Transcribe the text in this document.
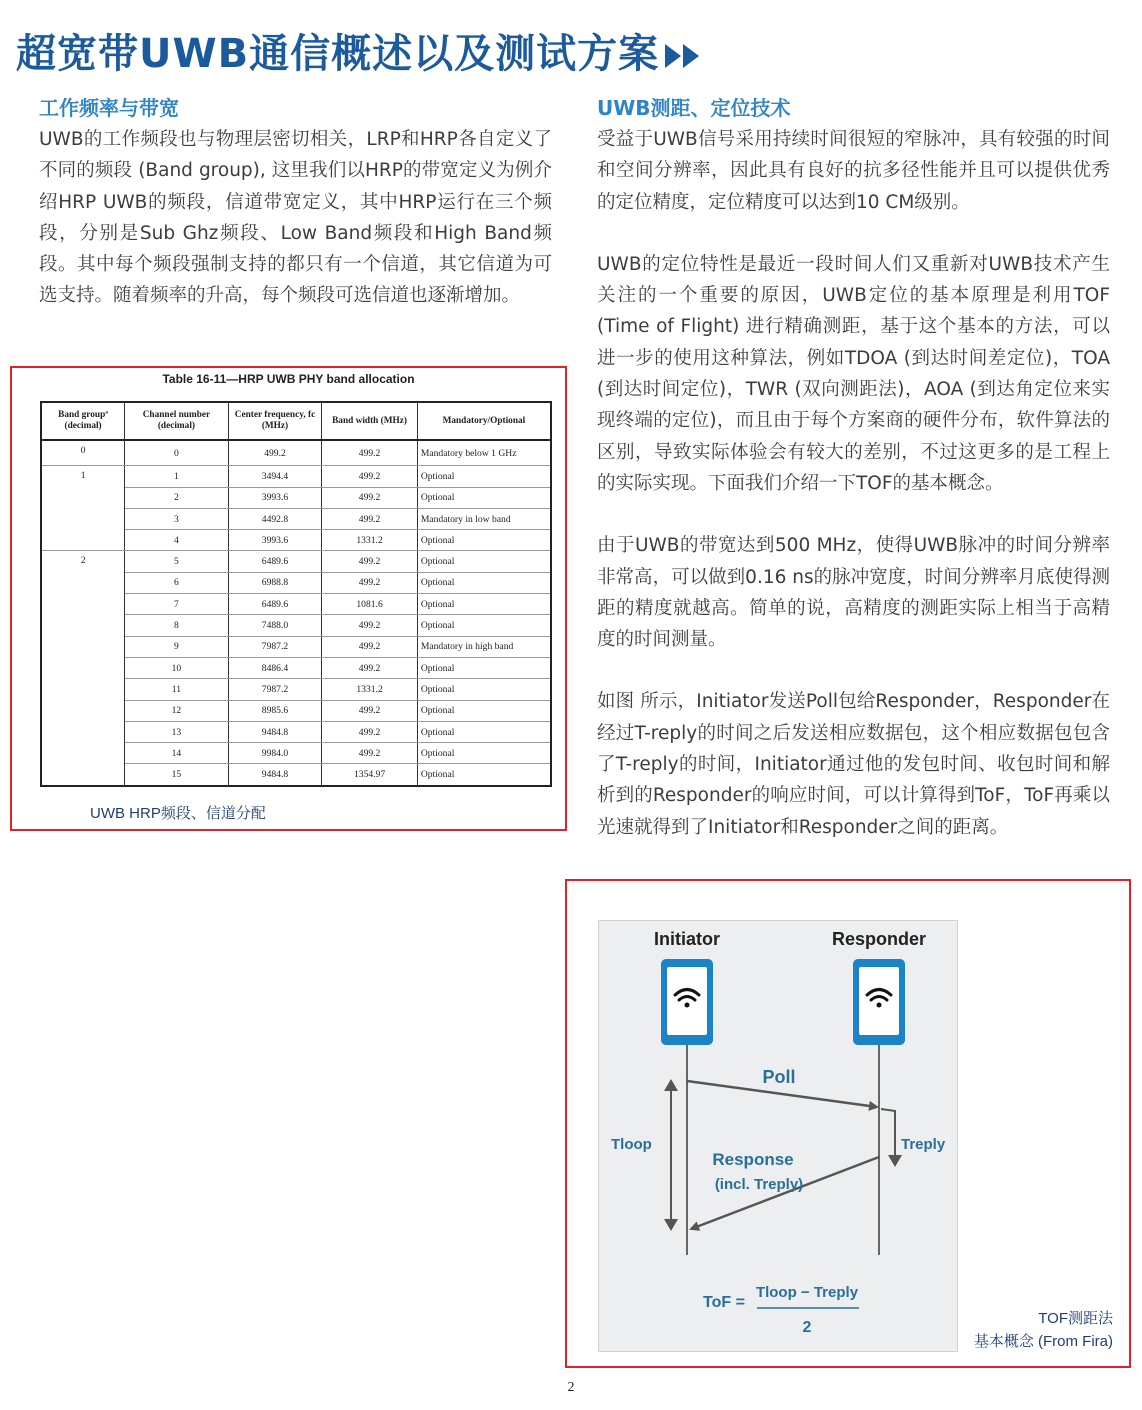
超宽带UWB通信概述以及测试方案
工作频率与带宽

UWB的工作频段也与物理层密切相关，LRP和HRP各自定义了不同的频段 (Band group), 这里我们以HRP的带宽定义为例介绍HRP UWB的频段，信道带宽定义，其中HRP运行在三个频段，分别是Sub Ghz频段、Low Band频段和High Band频段。其中每个频段强制支持的都只有一个信道，其它信道为可选支持。随着频率的升高，每个频段可选信道也逐渐增加。

UWB测距、定位技术

受益于UWB信号采用持续时间很短的窄脉冲，具有较强的时间和空间分辨率，因此具有良好的抗多径性能并且可以提供优秀的定位精度，定位精度可以达到10 CM级别。

UWB的定位特性是最近一段时间人们又重新对UWB技术产生关注的一个重要的原因，UWB定位的基本原理是利用TOF (Time of Flight) 进行精确测距，基于这个基本的方法，可以进一步的使用这种算法，例如TDOA (到达时间差定位)，TOA (到达时间定位)，TWR (双向测距法)，AOA (到达角定位来实现终端的定位)，而且由于每个方案商的硬件分布，软件算法的区别，导致实际体验会有较大的差别，不过这更多的是工程上的实际实现。下面我们介绍一下TOF的基本概念。

由于UWB的带宽达到500 MHz，使得UWB脉冲的时间分辨率非常高，可以做到0.16 ns的脉冲宽度，时间分辨率月底使得测距的精度就越高。简单的说，高精度的测距实际上相当于高精度的时间测量。

如图 所示，Initiator发送Poll包给Responder，Responder在经过T-reply的时间之后发送相应数据包，这个相应数据包包含了T-reply的时间，Initiator通过他的发包时间、收包时间和解析到的Responder的响应时间，可以计算得到ToF，ToF再乘以光速就得到了Initiator和Responder之间的距离。

Table 16-11—HRP UWB PHY band allocation
Band groupª (decimal)	Channel number (decimal)	Center frequency, fc (MHz)	Band width (MHz)	Mandatory/Optional
0	0	499.2	499.2	Mandatory below 1 GHz
1	1	3494.4	499.2	Optional
	2	3993.6	499.2	Optional
	3	4492.8	499.2	Mandatory in low band
	4	3993.6	1331.2	Optional
2	5	6489.6	499.2	Optional
	6	6988.8	499.2	Optional
	7	6489.6	1081.6	Optional
	8	7488.0	499.2	Optional
	9	7987.2	499.2	Mandatory in high band
	10	8486.4	499.2	Optional
	11	7987.2	1331.2	Optional
	12	8985.6	499.2	Optional
	13	9484.8	499.2	Optional
	14	9984.0	499.2	Optional
	15	9484.8	1354.97	Optional
UWB HRP频段、信道分配
Initiator	Responder
Poll
Response
(incl. Treply)
Tloop	Treply
ToF =
Tloop − Treply
2
TOF测距法
基本概念 (From Fira)
2
